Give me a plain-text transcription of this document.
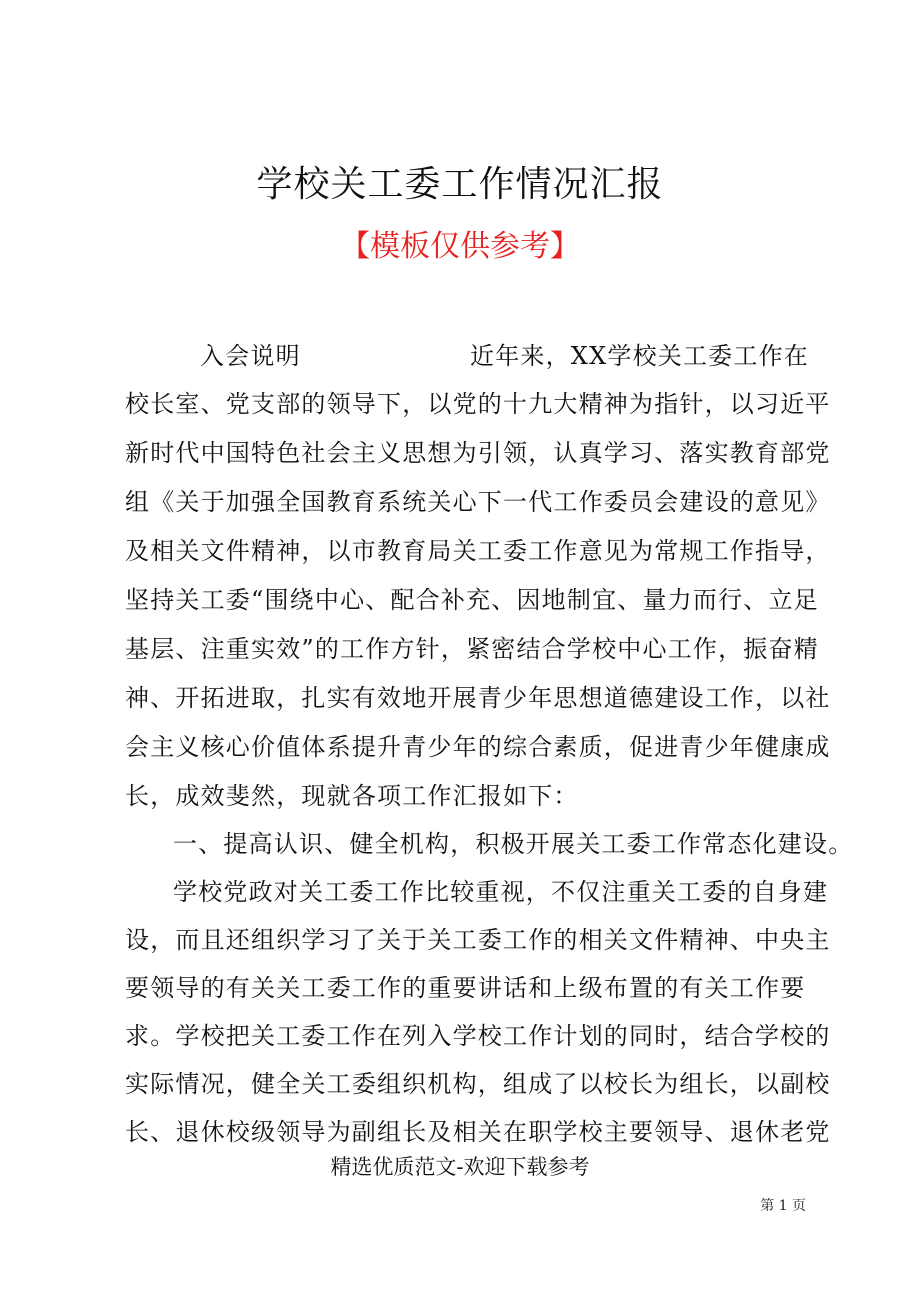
学校关工委工作情况汇报
【模板仅供参考】
入会说明	近年来，XX学校关工委工作在
校长室、党支部的领导下，以党的十九大精神为指针，以习近平
新时代中国特色社会主义思想为引领，认真学习、落实教育部党
组《关于加强全国教育系统关心下一代工作委员会建设的意见》
及相关文件精神，以市教育局关工委工作意见为常规工作指导，
坚持关工委“围绕中心、配合补充、因地制宜、量力而行、立足
基层、注重实效”的工作方针，紧密结合学校中心工作，振奋精
神、开拓进取，扎实有效地开展青少年思想道德建设工作，以社
会主义核心价值体系提升青少年的综合素质，促进青少年健康成
长，成效斐然，现就各项工作汇报如下：
一、提高认识、健全机构，积极开展关工委工作常态化建设。
学校党政对关工委工作比较重视，不仅注重关工委的自身建
设，而且还组织学习了关于关工委工作的相关文件精神、中央主
要领导的有关关工委工作的重要讲话和上级布置的有关工作要
求。学校把关工委工作在列入学校工作计划的同时，结合学校的
实际情况，健全关工委组织机构，组成了以校长为组长，以副校
长、退休校级领导为副组长及相关在职学校主要领导、退休老党
精选优质范文-欢迎下载参考
第 1 页
